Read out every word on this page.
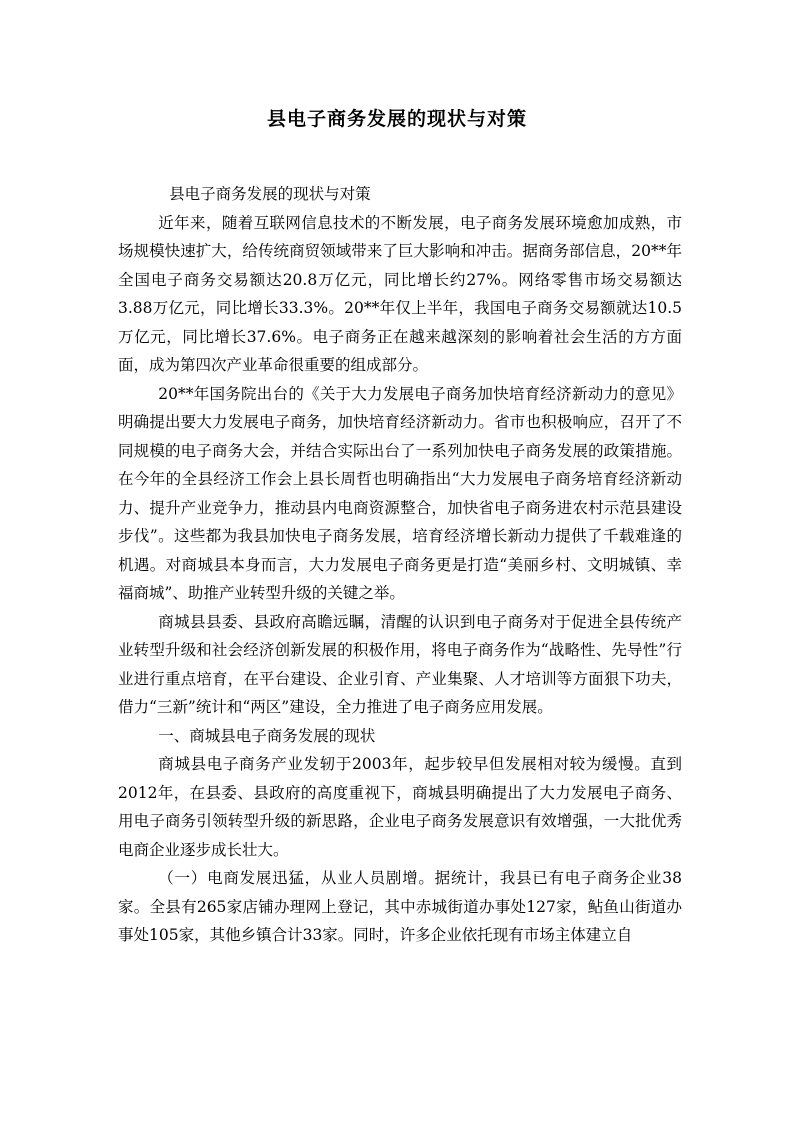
县电子商务发展的现状与对策

县电子商务发展的现状与对策

近年来，随着互联网信息技术的不断发展，电子商务发展环境愈加成熟，市场规模快速扩大，给传统商贸领域带来了巨大影响和冲击。据商务部信息，20**年全国电子商务交易额达20.8万亿元，同比增长约27%。网络零售市场交易额达3.88万亿元，同比增长33.3%。20**年仅上半年，我国电子商务交易额就达10.5万亿元，同比增长37.6%。电子商务正在越来越深刻的影响着社会生活的方方面面，成为第四次产业革命很重要的组成部分。

20**年国务院出台的《关于大力发展电子商务加快培育经济新动力的意见》明确提出要大力发展电子商务，加快培育经济新动力。省市也积极响应，召开了不同规模的电子商务大会，并结合实际出台了一系列加快电子商务发展的政策措施。在今年的全县经济工作会上县长周哲也明确指出“大力发展电子商务培育经济新动力、提升产业竞争力，推动县内电商资源整合，加快省电子商务进农村示范县建设步伐”。这些都为我县加快电子商务发展，培育经济增长新动力提供了千载难逢的机遇。对商城县本身而言，大力发展电子商务更是打造“美丽乡村、文明城镇、幸福商城”、助推产业转型升级的关键之举。

商城县县委、县政府高瞻远瞩，清醒的认识到电子商务对于促进全县传统产业转型升级和社会经济创新发展的积极作用，将电子商务作为“战略性、先导性”行业进行重点培育，在平台建设、企业引育、产业集聚、人才培训等方面狠下功夫，借力“三新”统计和“两区”建设，全力推进了电子商务应用发展。

一、商城县电子商务发展的现状

商城县电子商务产业发轫于2003年，起步较早但发展相对较为缓慢。直到2012年，在县委、县政府的高度重视下，商城县明确提出了大力发展电子商务、用电子商务引领转型升级的新思路，企业电子商务发展意识有效增强，一大批优秀电商企业逐步成长壮大。

（一）电商发展迅猛，从业人员剧增。据统计，我县已有电子商务企业38家。全县有265家店铺办理网上登记，其中赤城街道办事处127家，鲇鱼山街道办事处105家，其他乡镇合计33家。同时，许多企业依托现有市场主体建立自
